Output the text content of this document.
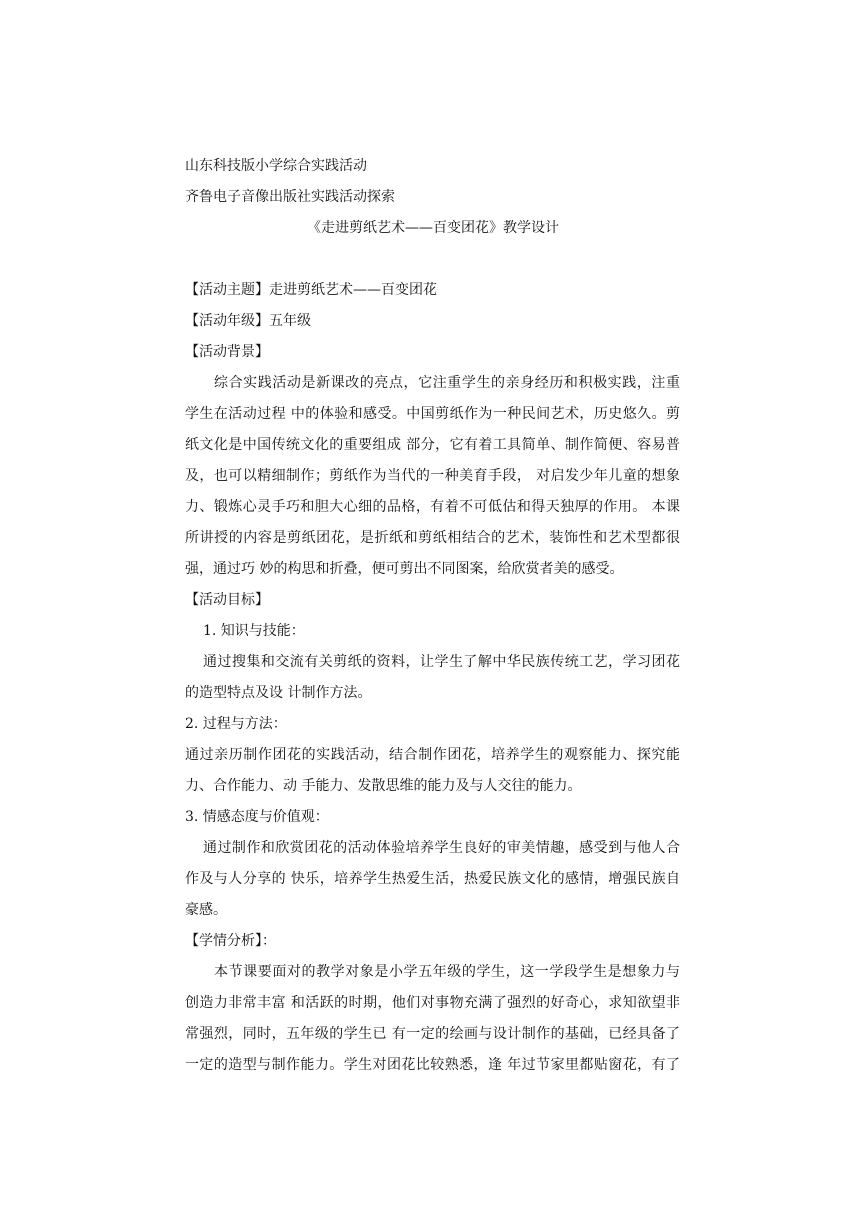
山东科技版小学综合实践活动
齐鲁电子音像出版社实践活动探索
《走进剪纸艺术——百变团花》教学设计
【活动主题】走进剪纸艺术——百变团花
【活动年级】五年级
【活动背景】
综合实践活动是新课改的亮点，它注重学生的亲身经历和积极实践，注重
学生在活动过程 中的体验和感受。中国剪纸作为一种民间艺术，历史悠久。剪
纸文化是中国传统文化的重要组成 部分，它有着工具简单、制作简便、容易普
及，也可以精细制作；剪纸作为当代的一种美育手段， 对启发少年儿童的想象
力、锻炼心灵手巧和胆大心细的品格，有着不可低估和得天独厚的作用。 本课
所讲授的内容是剪纸团花，是折纸和剪纸相结合的艺术，装饰性和艺术型都很
强，通过巧 妙的构思和折叠，便可剪出不同图案，给欣赏者美的感受。
【活动目标】
1. 知识与技能：
通过搜集和交流有关剪纸的资料，让学生了解中华民族传统工艺，学习团花
的造型特点及设 计制作方法。
2. 过程与方法：
通过亲历制作团花的实践活动，结合制作团花，培养学生的观察能力、探究能
力、合作能力、动 手能力、发散思维的能力及与人交往的能力。
3. 情感态度与价值观：
通过制作和欣赏团花的活动体验培养学生良好的审美情趣，感受到与他人合
作及与人分享的 快乐，培养学生热爱生活，热爱民族文化的感情，增强民族自
豪感。
【学情分析】：
本节课要面对的教学对象是小学五年级的学生，这一学段学生是想象力与
创造力非常丰富 和活跃的时期，他们对事物充满了强烈的好奇心，求知欲望非
常强烈，同时，五年级的学生已 有一定的绘画与设计制作的基础，已经具备了
一定的造型与制作能力。学生对团花比较熟悉，逢 年过节家里都贴窗花，有了
